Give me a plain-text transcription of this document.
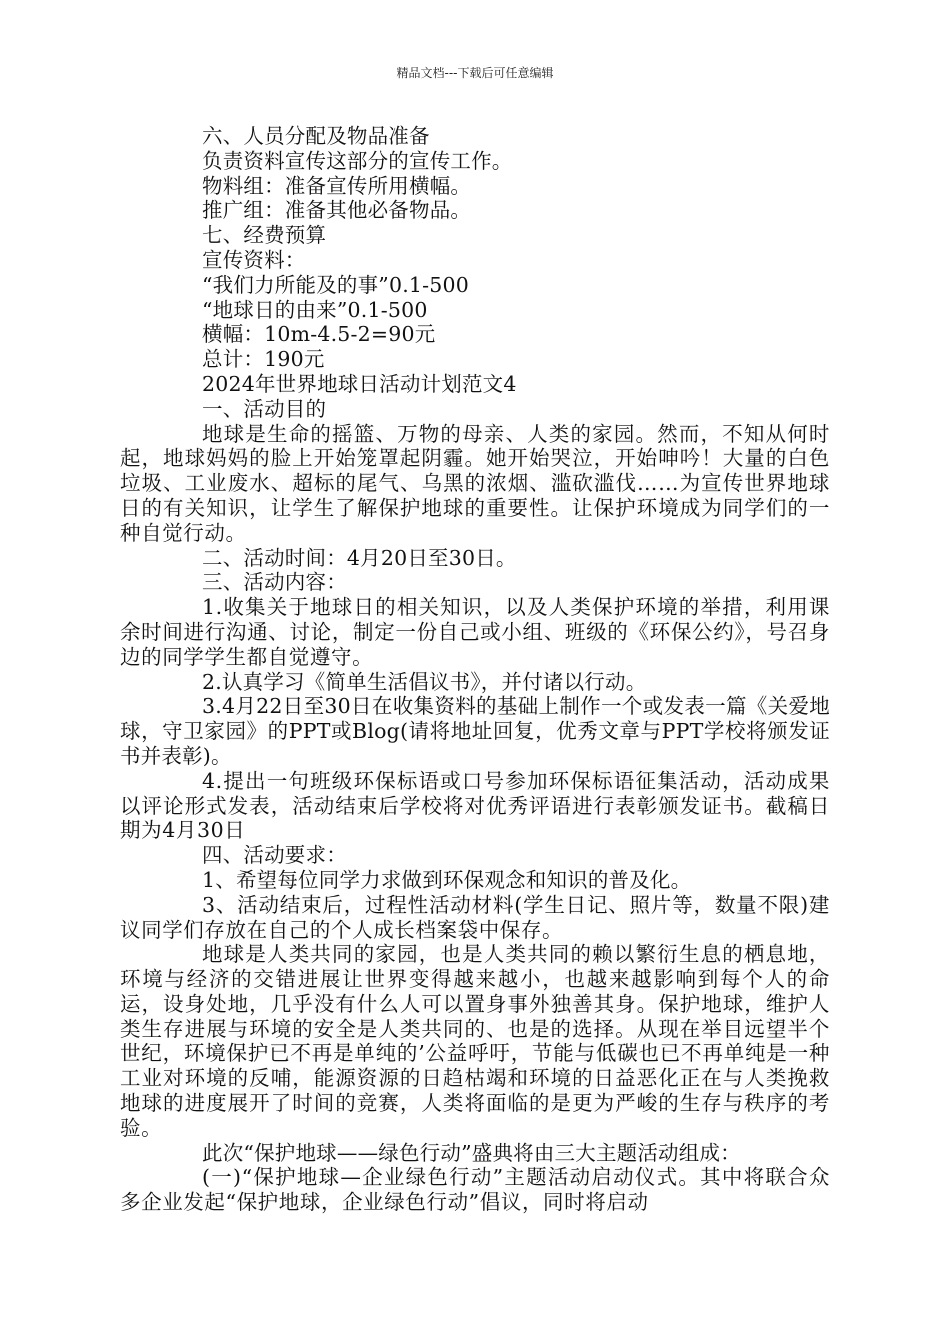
精品文档---下载后可任意编辑

六、人员分配及物品准备

负责资料宣传这部分的宣传工作。

物料组：准备宣传所用横幅。

推广组：准备其他必备物品。

七、经费预算

宣传资料：

“我们力所能及的事”0.1-500

“地球日的由来”0.1-500

横幅：10m-4.5-2=90元

总计：190元

2024年世界地球日活动计划范文4

一、活动目的

地球是生命的摇篮、万物的母亲、人类的家园。然而，不知从何时起，地球妈妈的脸上开始笼罩起阴霾。她开始哭泣，开始呻吟！大量的白色垃圾、工业废水、超标的尾气、乌黑的浓烟、滥砍滥伐……为宣传世界地球日的有关知识，让学生了解保护地球的重要性。让保护环境成为同学们的一种自觉行动。

二、活动时间：4月20日至30日。

三、活动内容：

1.收集关于地球日的相关知识，以及人类保护环境的举措，利用课余时间进行沟通、讨论，制定一份自己或小组、班级的《环保公约》，号召身边的同学学生都自觉遵守。

2.认真学习《简单生活倡议书》，并付诸以行动。

3.4月22日至30日在收集资料的基础上制作一个或发表一篇《关爱地球，守卫家园》的PPT或Blog(请将地址回复，优秀文章与PPT学校将颁发证书并表彰)。

4.提出一句班级环保标语或口号参加环保标语征集活动，活动成果以评论形式发表，活动结束后学校将对优秀评语进行表彰颁发证书。截稿日期为4月30日

四、活动要求：

1、希望每位同学力求做到环保观念和知识的普及化。

3、活动结束后，过程性活动材料(学生日记、照片等，数量不限)建议同学们存放在自己的个人成长档案袋中保存。

地球是人类共同的家园，也是人类共同的赖以繁衍生息的栖息地，环境与经济的交错进展让世界变得越来越小，也越来越影响到每个人的命运，设身处地，几乎没有什么人可以置身事外独善其身。保护地球，维护人类生存进展与环境的安全是人类共同的、也是的选择。从现在举目远望半个世纪，环境保护已不再是单纯的’公益呼吁，节能与低碳也已不再单纯是一种工业对环境的反哺，能源资源的日趋枯竭和环境的日益恶化正在与人类挽救地球的进度展开了时间的竞赛，人类将面临的是更为严峻的生存与秩序的考验。

此次“保护地球——绿色行动”盛典将由三大主题活动组成：

(一)“保护地球—企业绿色行动”主题活动启动仪式。其中将联合众多企业发起“保护地球，企业绿色行动”倡议，同时将启动
